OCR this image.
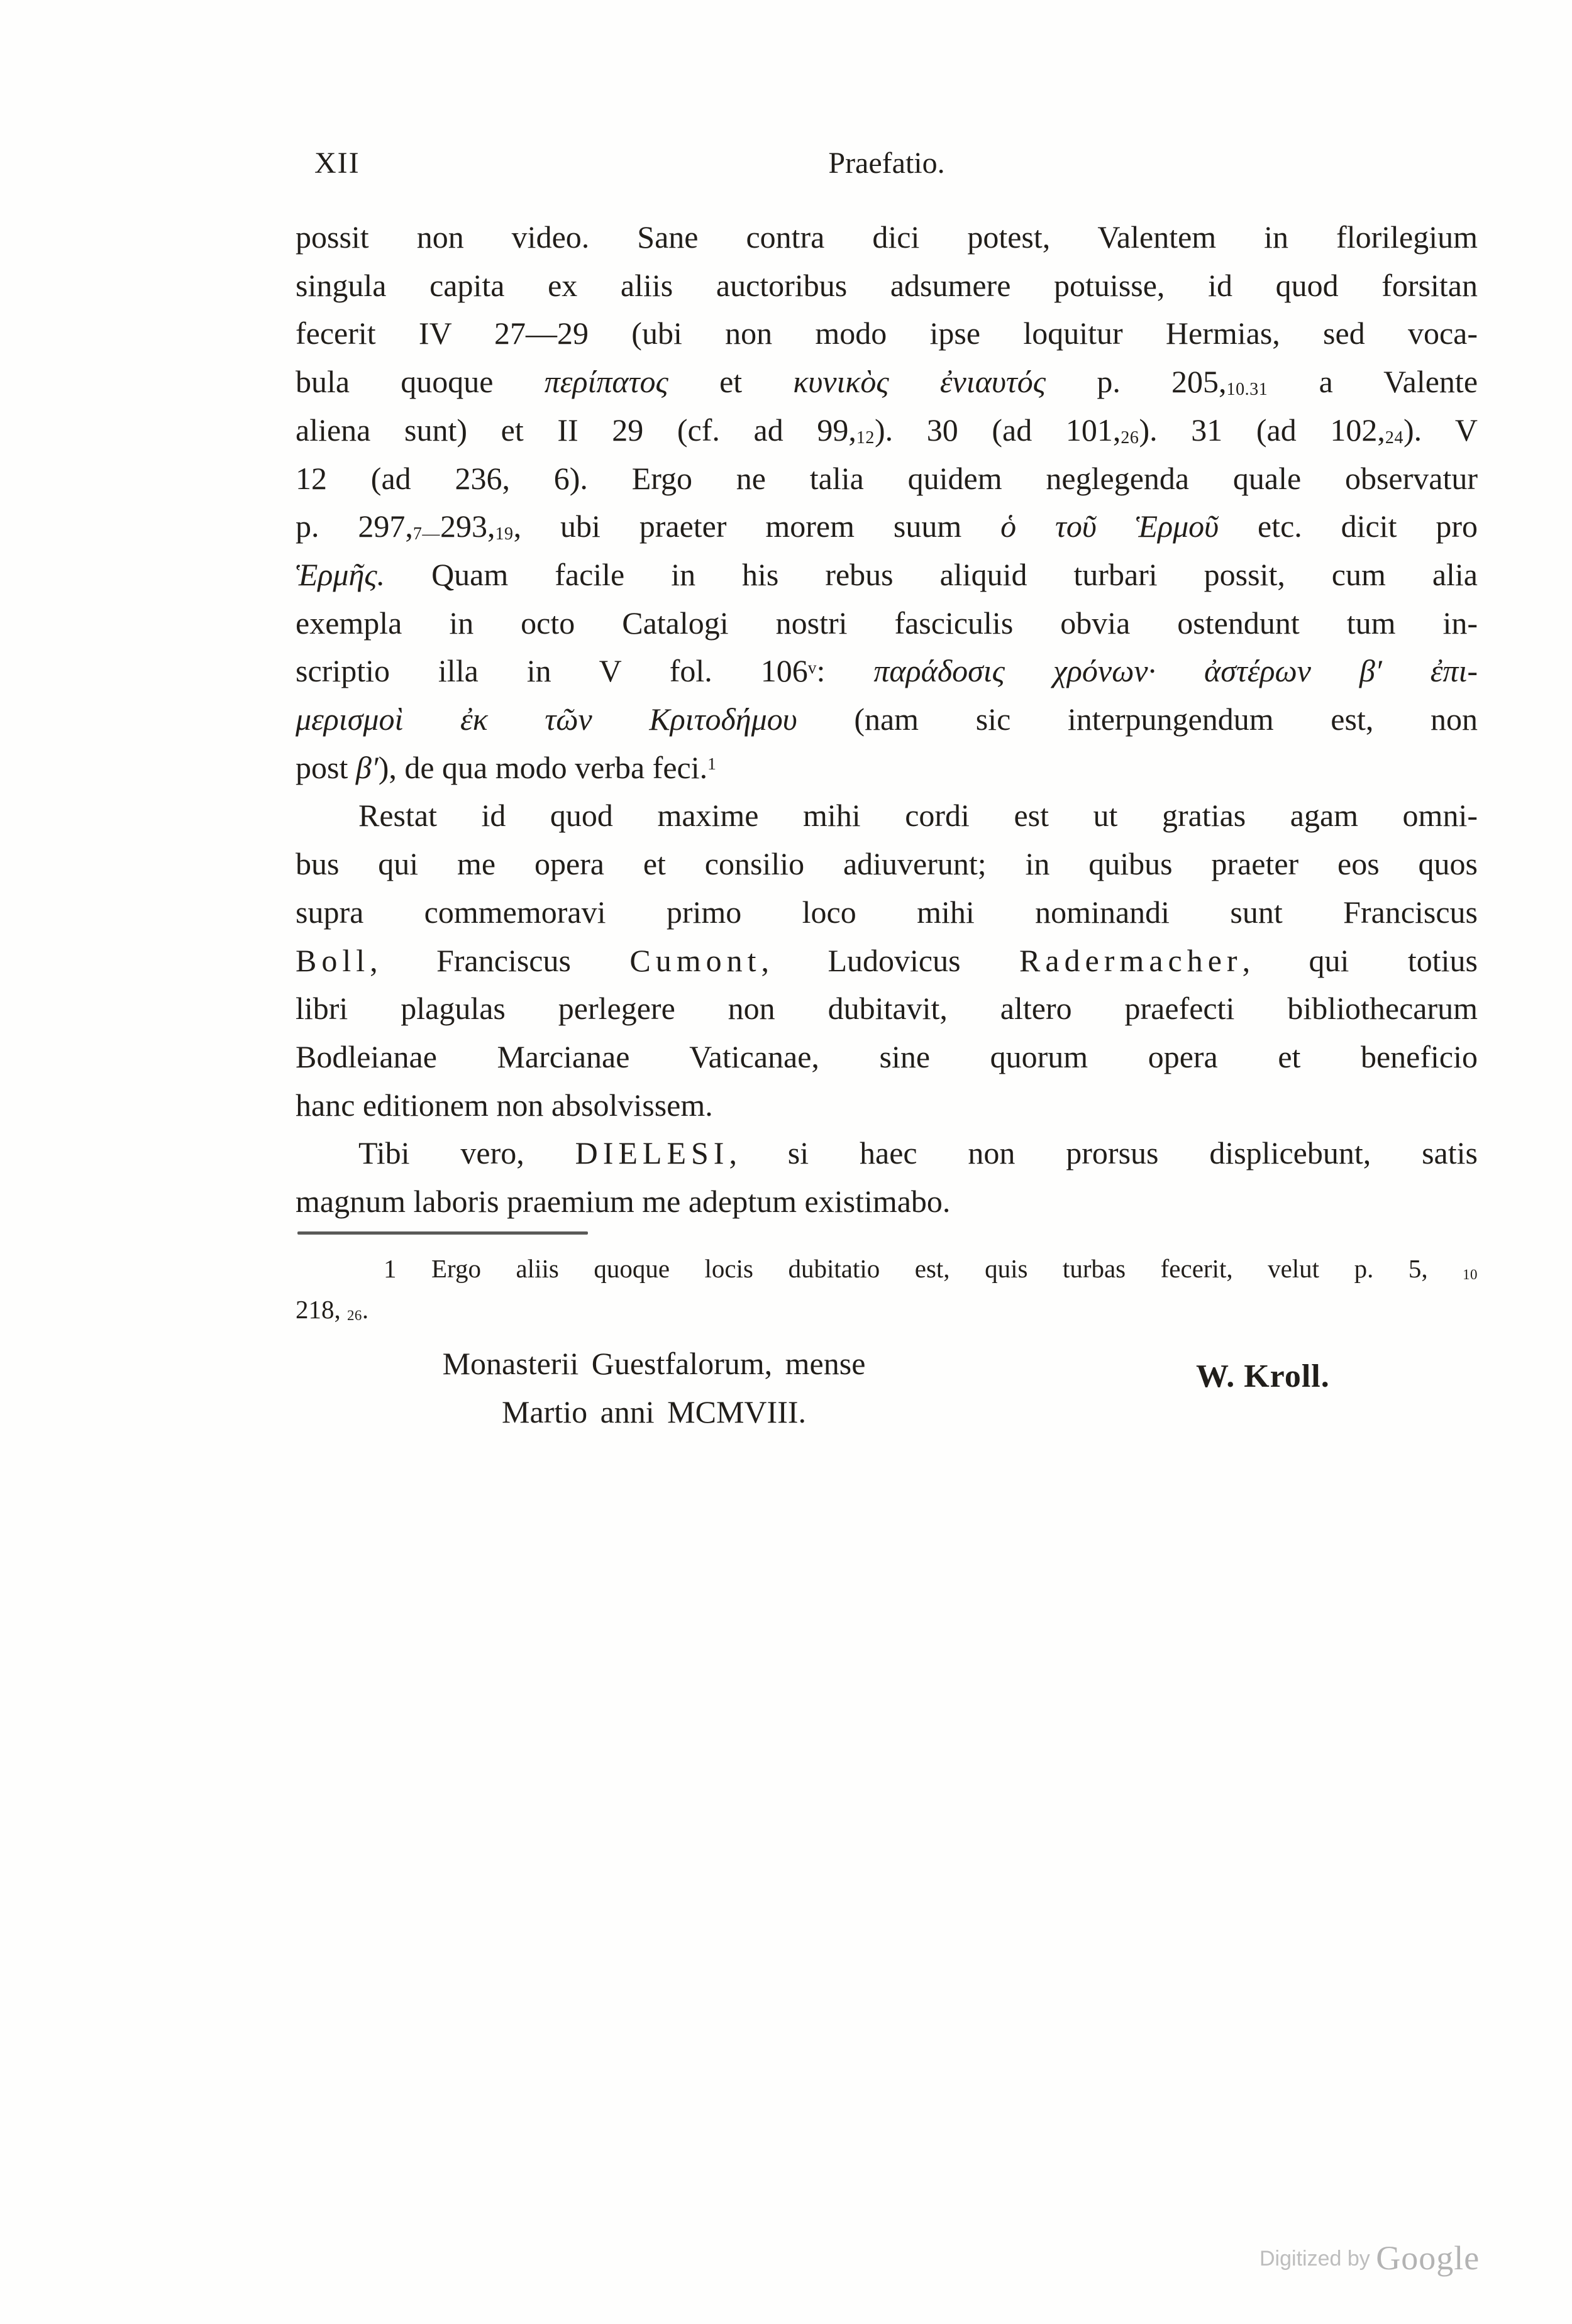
XII	Praefatio.
possit non video. Sane contra dici potest, Valentem in florilegium
singula capita ex aliis auctoribus adsumere potuisse, id quod forsitan
fecerit IV 27—29 (ubi non modo ipse loquitur Hermias, sed voca-
bula quoque περίπατος et κυνικὸς ἐνιαυτός p. 205,10.31 a Valente
aliena sunt) et II 29 (cf. ad 99,12). 30 (ad 101,26). 31 (ad 102,24). V
12 (ad 236, 6). Ergo ne talia quidem neglegenda quale observatur
p. 297,7—293,19, ubi praeter morem suum ὁ τοῦ Ἑρμοῦ etc. dicit pro
Ἑρμῆς. Quam facile in his rebus aliquid turbari possit, cum alia
exempla in octo Catalogi nostri fasciculis obvia ostendunt tum in-
scriptio illa in V fol. 106$^v$: παράδοσις χρόνων· ἀστέρων β′ ἐπι-
μερισμοὶ ἐκ τῶν Κριτοδήμου (nam sic interpungendum est, non
post β′), de qua modo verba feci.$^1$
Restat id quod maxime mihi cordi est ut gratias agam omni-
bus qui me opera et consilio adiuverunt; in quibus praeter eos quos
supra commemoravi primo loco mihi nominandi sunt Franciscus
Boll, Franciscus Cumont, Ludovicus Radermacher, qui totius
libri plagulas perlegere non dubitavit, altero praefecti bibliothecarum
Bodleianae Marcianae Vaticanae, sine quorum opera et beneficio
hanc editionem non absolvissem.
Tibi vero, DIELESI, si haec non prorsus displicebunt, satis
magnum laboris praemium me adeptum existimabo.
1 Ergo aliis quoque locis dubitatio est, quis turbas fecerit, velut p. 5, 10
218, 26.
Monasterii Guestfalorum, mense
Martio anni MCMVIII.
W. Kroll.
Digitized by Google
